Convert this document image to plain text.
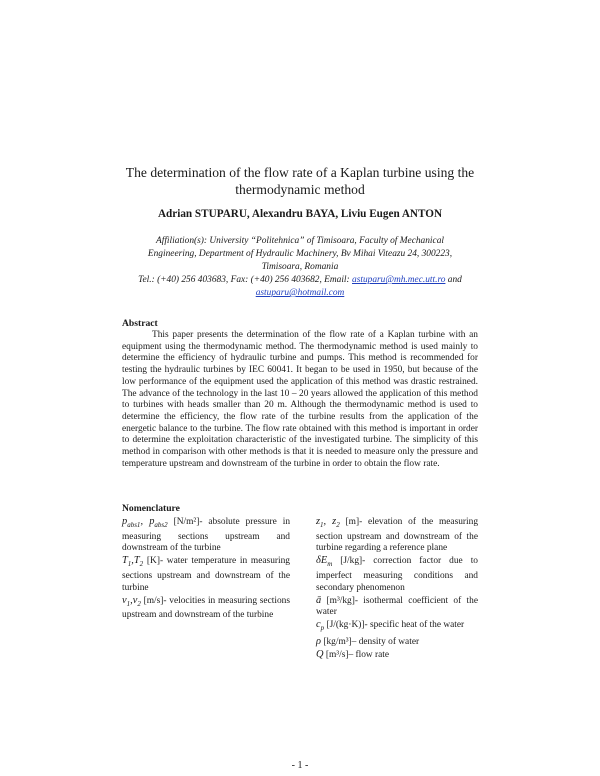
The determination of the flow rate of a Kaplan turbine using the
thermodynamic method
Adrian STUPARU, Alexandru BAYA, Liviu Eugen ANTON
Affiliation(s): University “Politehnica” of Timisoara, Faculty of Mechanical
Engineering, Department of Hydraulic Machinery, Bv Mihai Viteazu 24, 300223,
Timisoara, Romania
Tel.: (+40) 256 403683, Fax: (+40) 256 403682, Email: astuparu@mh.mec.utt.ro and
astuparu@hotmail.com
Abstract

This paper presents the determination of the flow rate of a Kaplan turbine with an equipment using the thermodynamic method. The thermodynamic method is used mainly to determine the efficiency of hydraulic turbine and pumps. This method is recommended for testing the hydraulic turbines by IEC 60041. It began to be used in 1950, but because of the low performance of the equipment used the application of this method was drastic restrained. The advance of the technology in the last 10 – 20 years allowed the application of this method to turbines with heads smaller than 20 m. Although the thermodynamic method is used to determine the efficiency, the flow rate of the turbine results from the application of the energetic balance to the turbine. The flow rate obtained with this method is important in order to determine the exploitation characteristic of the investigated turbine. The simplicity of this method in comparison with other methods is that it is needed to measure only the pressure and temperature upstream and downstream of the turbine in order to obtain the flow rate.

Nomenclature

$p_{abs1}$, $p_{abs2}$ [N/m²]- absolute pressure in measuring sections upstream and downstream of the turbine

$T_1,T_2$ [K]- water temperature in measuring sections upstream and downstream of the turbine

$v_1,v_2$ [m/s]- velocities in measuring sections upstream and downstream of the turbine

$z_1$, $z_2$ [m]- elevation of the measuring section upstream and downstream of the turbine regarding a reference plane

$\delta E_m$ [J/kg]- correction factor due to imperfect measuring conditions and secondary phenomenon

ā [m³/kg]- isothermal coefficient of the water

$c_p$ [J/(kg·K)]- specific heat of the water

ρ [kg/m³]– density of water

Q [m³/s]– flow rate

- 1 -
